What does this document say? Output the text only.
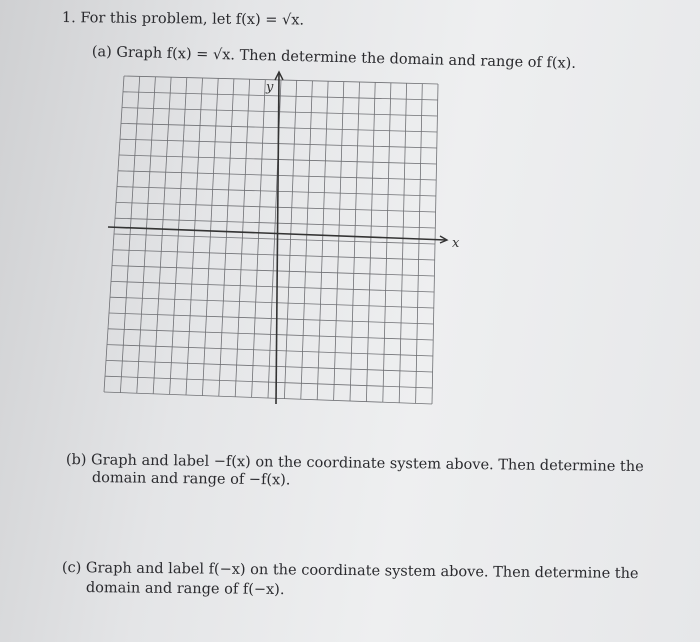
1. For this problem, let f(x) = √x.
(a) Graph f(x) = √x. Then determine the domain and range of f(x).
x
y
(b) Graph and label −f(x) on the coordinate system above. Then determine the
domain and range of −f(x).
(c) Graph and label f(−x) on the coordinate system above. Then determine the
domain and range of f(−x).
